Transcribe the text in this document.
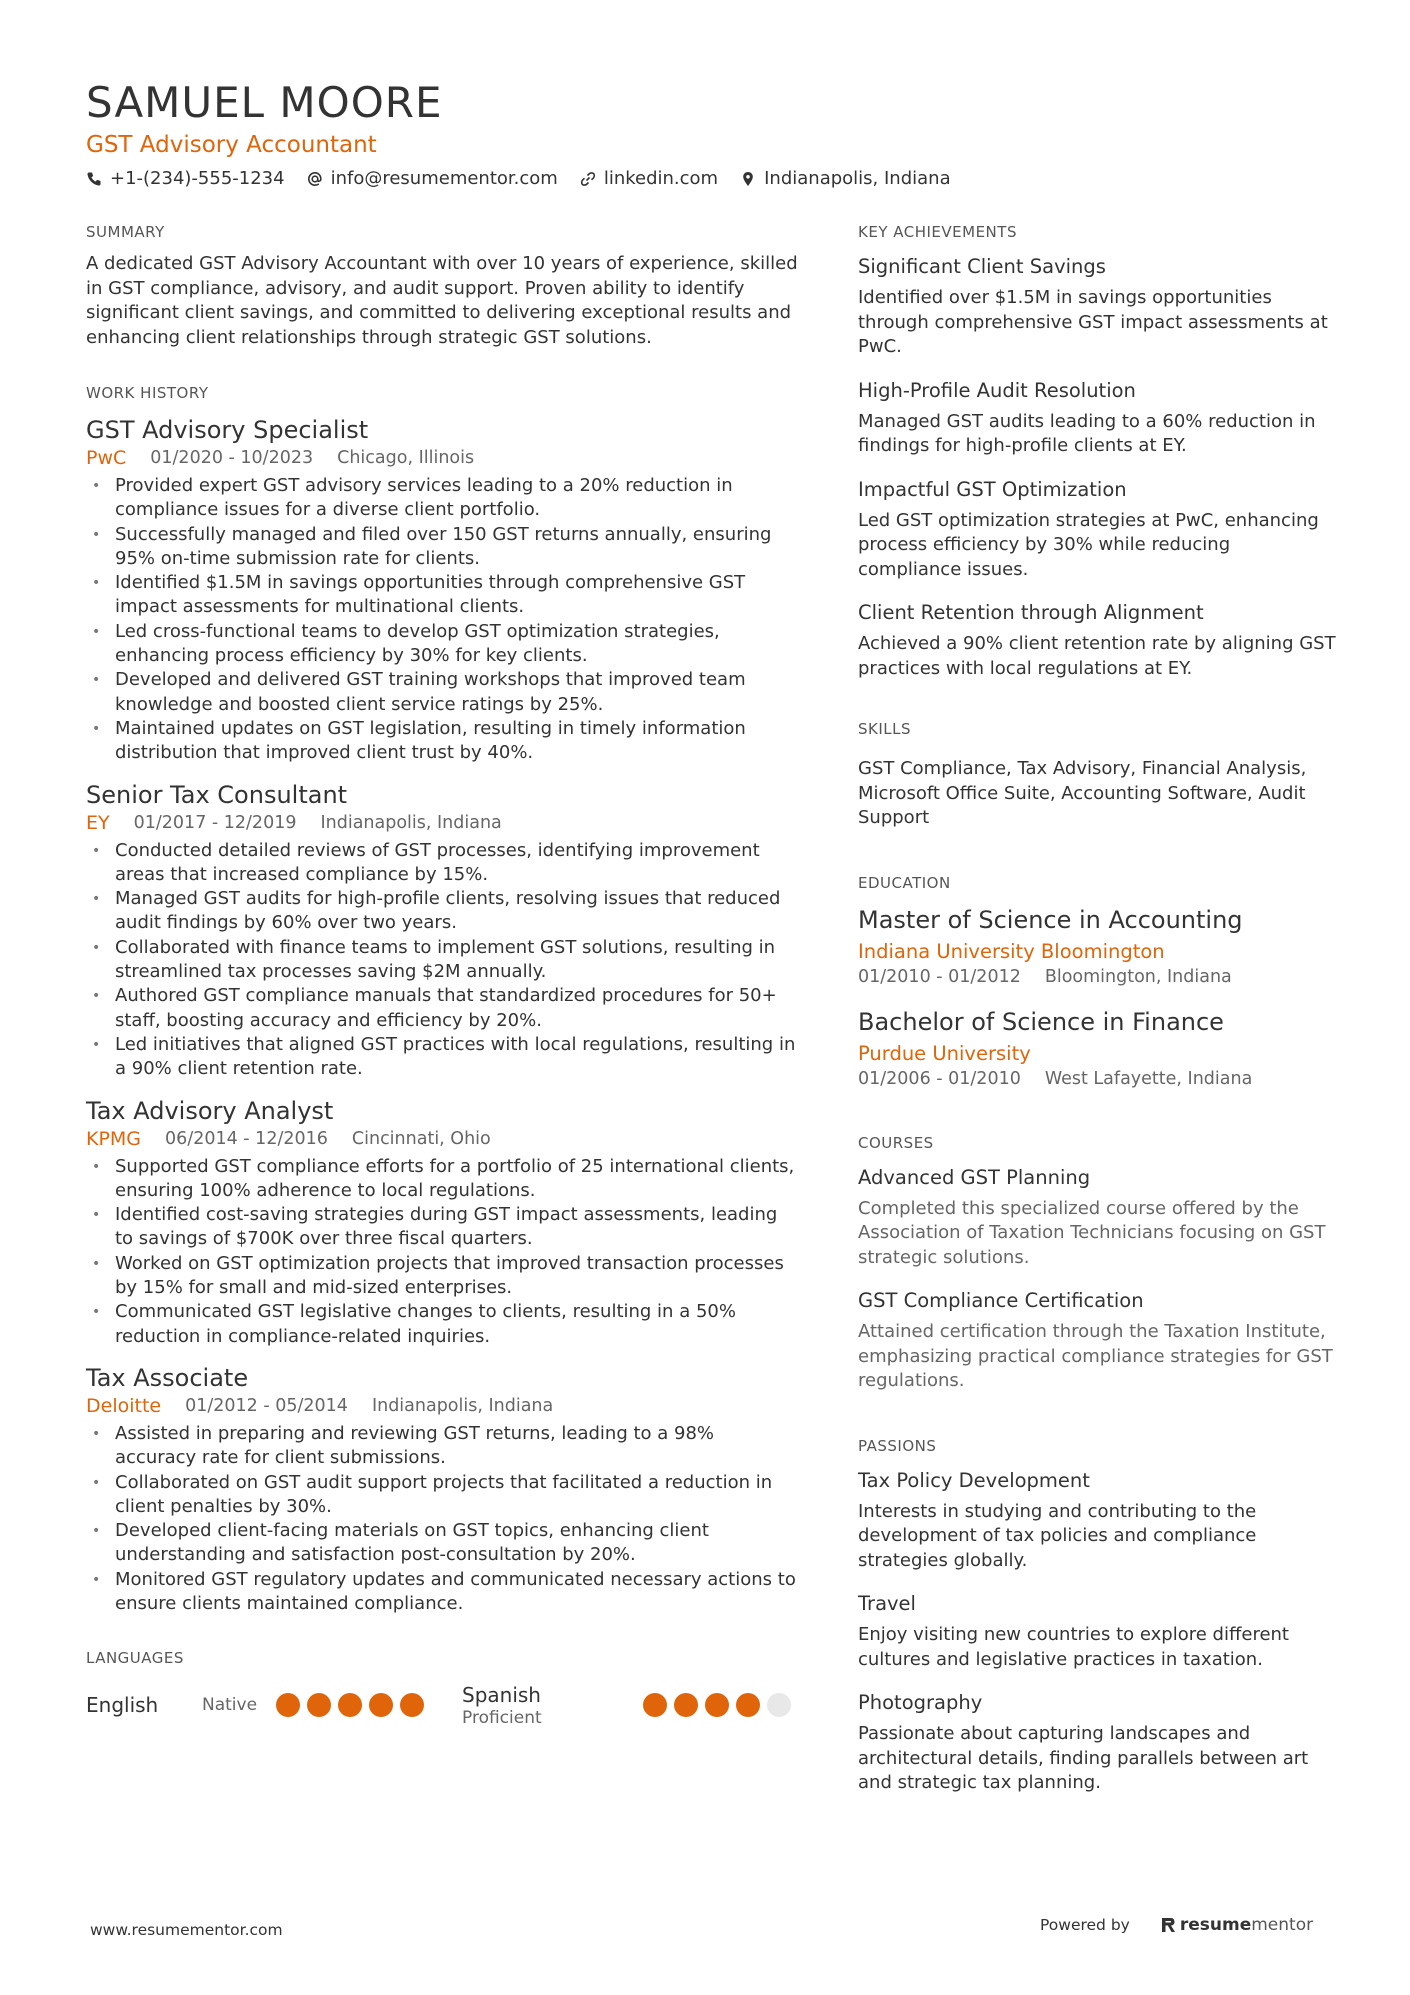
SAMUEL MOORE
GST Advisory Accountant
+1-(234)-555-1234	info@resumementor.com	linkedin.com	Indianapolis, Indiana
SUMMARY

A dedicated GST Advisory Accountant with over 10 years of experience, skilled in GST compliance, advisory, and audit support. Proven ability to identify significant client savings, and committed to delivering exceptional results and enhancing client relationships through strategic GST solutions.

WORK HISTORY
GST Advisory Specialist
PwC 01/2020 - 10/2023 Chicago, Illinois
• Provided expert GST advisory services leading to a 20% reduction in compliance issues for a diverse client portfolio.
• Successfully managed and filed over 150 GST returns annually, ensuring 95% on-time submission rate for clients.
• Identified $1.5M in savings opportunities through comprehensive GST impact assessments for multinational clients.
• Led cross-functional teams to develop GST optimization strategies, enhancing process efficiency by 30% for key clients.
• Developed and delivered GST training workshops that improved team knowledge and boosted client service ratings by 25%.
• Maintained updates on GST legislation, resulting in timely information distribution that improved client trust by 40%.
Senior Tax Consultant
EY 01/2017 - 12/2019 Indianapolis, Indiana
• Conducted detailed reviews of GST processes, identifying improvement areas that increased compliance by 15%.
• Managed GST audits for high-profile clients, resolving issues that reduced audit findings by 60% over two years.
• Collaborated with finance teams to implement GST solutions, resulting in streamlined tax processes saving $2M annually.
• Authored GST compliance manuals that standardized procedures for 50+ staff, boosting accuracy and efficiency by 20%.
• Led initiatives that aligned GST practices with local regulations, resulting in a 90% client retention rate.
Tax Advisory Analyst
KPMG 06/2014 - 12/2016 Cincinnati, Ohio
• Supported GST compliance efforts for a portfolio of 25 international clients, ensuring 100% adherence to local regulations.
• Identified cost-saving strategies during GST impact assessments, leading to savings of $700K over three fiscal quarters.
• Worked on GST optimization projects that improved transaction processes by 15% for small and mid-sized enterprises.
• Communicated GST legislative changes to clients, resulting in a 50% reduction in compliance-related inquiries.
Tax Associate
Deloitte 01/2012 - 05/2014 Indianapolis, Indiana
• Assisted in preparing and reviewing GST returns, leading to a 98% accuracy rate for client submissions.
• Collaborated on GST audit support projects that facilitated a reduction in client penalties by 30%.
• Developed client-facing materials on GST topics, enhancing client understanding and satisfaction post-consultation by 20%.
• Monitored GST regulatory updates and communicated necessary actions to ensure clients maintained compliance.
LANGUAGES
English	Native	Spanish
Proficient
KEY ACHIEVEMENTS
Significant Client Savings
Identified over $1.5M in savings opportunities through comprehensive GST impact assessments at PwC.
High-Profile Audit Resolution
Managed GST audits leading to a 60% reduction in findings for high-profile clients at EY.
Impactful GST Optimization
Led GST optimization strategies at PwC, enhancing process efficiency by 30% while reducing compliance issues.
Client Retention through Alignment
Achieved a 90% client retention rate by aligning GST practices with local regulations at EY.
SKILLS

GST Compliance, Tax Advisory, Financial Analysis, Microsoft Office Suite, Accounting Software, Audit Support

EDUCATION
Master of Science in Accounting
Indiana University Bloomington
01/2010 - 01/2012 Bloomington, Indiana
Bachelor of Science in Finance
Purdue University
01/2006 - 01/2010 West Lafayette, Indiana
COURSES
Advanced GST Planning
Completed this specialized course offered by the Association of Taxation Technicians focusing on GST strategic solutions.
GST Compliance Certification
Attained certification through the Taxation Institute, emphasizing practical compliance strategies for GST regulations.
PASSIONS
Tax Policy Development
Interests in studying and contributing to the development of tax policies and compliance strategies globally.
Travel
Enjoy visiting new countries to explore different cultures and legislative practices in taxation.
Photography
Passionate about capturing landscapes and architectural details, finding parallels between art and strategic tax planning.
www.resumementor.com	Powered by	resume mentor
